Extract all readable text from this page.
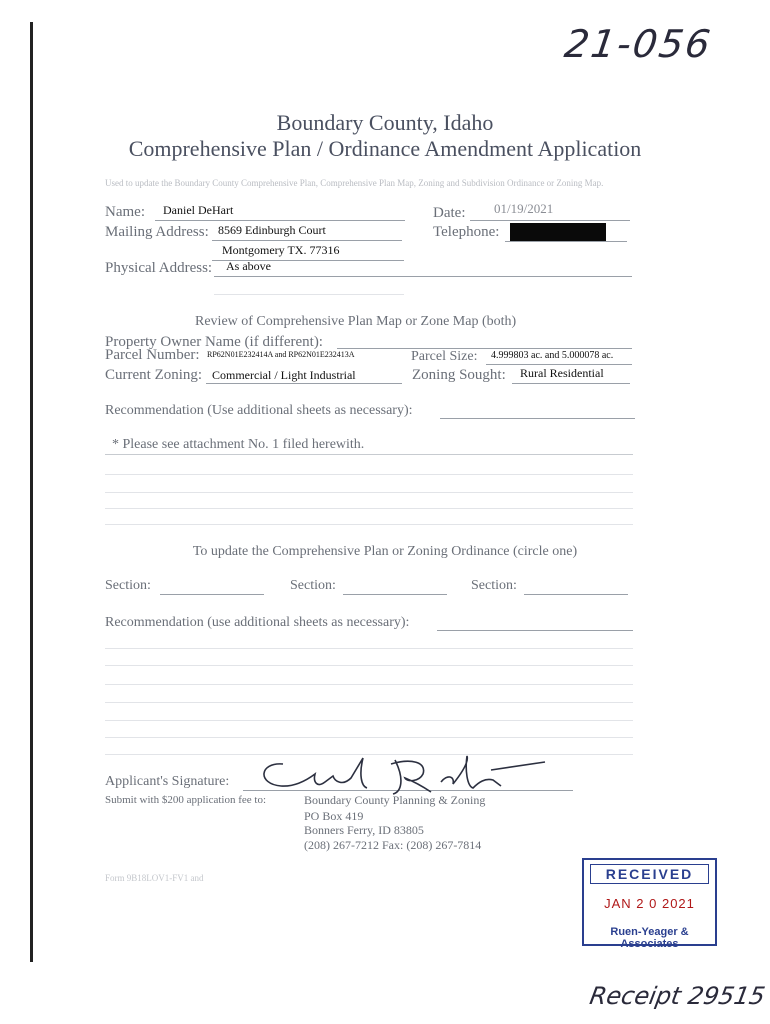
21-056
Boundary County, Idaho
Comprehensive Plan / Ordinance Amendment Application
Used to update the Boundary County Comprehensive Plan, Comprehensive Plan Map, Zoning and Subdivision Ordinance or Zoning Map.
Name: Daniel DeHart	Date: 01/19/2021
Mailing Address: 8569 Edinburgh Court	Telephone:
Montgomery TX. 77316
Physical Address: As above
Review of Comprehensive Plan Map or Zone Map (both)
Property Owner Name (if different):
Parcel Number: RP62N01E232414A and RP62N01E232413A	Parcel Size: 4.999803 ac. and 5.000078 ac.
Current Zoning: Commercial / Light Industrial	Zoning Sought: Rural Residential
Recommendation (Use additional sheets as necessary):
* Please see attachment No. 1 filed herewith.
To update the Comprehensive Plan or Zoning Ordinance (circle one)
Section:	Section:	Section:
Recommendation (use additional sheets as necessary):
Applicant's Signature:
Submit with $200 application fee to:	Boundary County Planning & Zoning
PO Box 419
Bonners Ferry, ID 83805
(208) 267-7212 Fax: (208) 267-7814
Form 9B18LOV1-FV1 and	RECEIVED
JAN 2 0 2021
Ruen-Yeager & Associates
Receipt 29515
